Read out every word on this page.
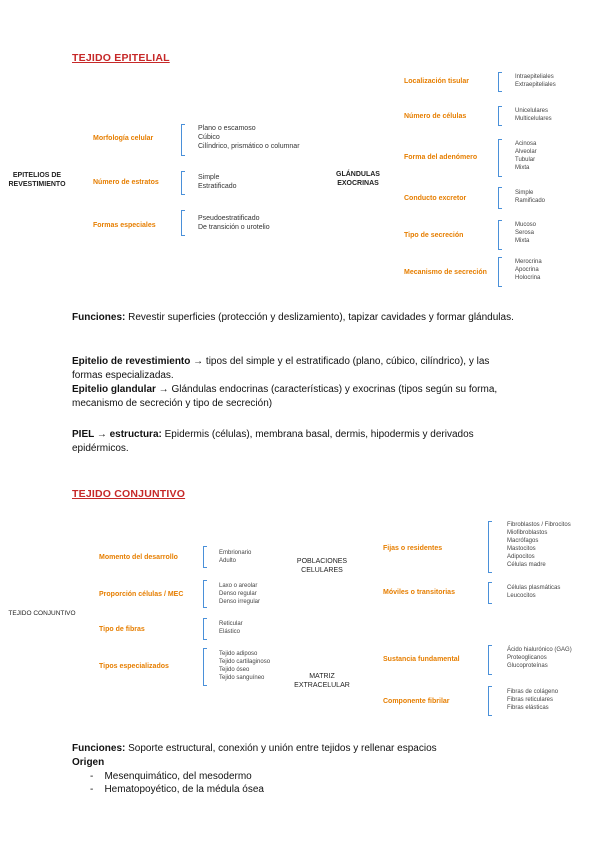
TEJIDO EPITELIAL
EPITELIOS DE
REVESTIMIENTO
Morfología celular
Plano o escamoso
Cúbico
Cilíndrico, prismático o columnar
Número de estratos
Simple
Estratificado
Formas especiales
Pseudoestratificado
De transición o urotelio
GLÁNDULAS
EXOCRINAS
Localización tisular
Intraepiteliales
Extraepiteliales
Número de células
Unicelulares
Multicelulares
Forma del adenómero
Acinosa
Alveolar
Tubular
Mixta
Conducto excretor
Simple
Ramificado
Tipo de secreción
Mucoso
Serosa
Mixta
Mecanismo de secreción
Merocrina
Apocrina
Holocrina
Funciones: Revestir superficies (protección y deslizamiento), tapizar cavidades y formar glándulas.
Epitelio de revestimiento → tipos del simple y el estratificado (plano, cúbico, cilíndrico), y las formas especializadas.
Epitelio glandular → Glándulas endocrinas (características) y exocrinas (tipos según su forma, mecanismo de secreción y tipo de secreción)
PIEL → estructura: Epidermis (células), membrana basal, dermis, hipodermis y derivados epidérmicos.
TEJIDO CONJUNTIVO
TEJIDO CONJUNTIVO
Momento del desarrollo
Embrionario
Adulto
Proporción células / MEC
Laxo o areolar
Denso regular
Denso irregular
Tipo de fibras
Reticular
Elástico
Tipos especializados
Tejido adiposo
Tejido cartilaginoso
Tejido óseo
Tejido sanguíneo
POBLACIONES
CELULARES
MATRIZ
EXTRACELULAR
Fijas o residentes
Fibroblastos / Fibrocitos
Miofibroblastos
Macrófagos
Mastocitos
Adipocitos
Células madre
Móviles o transitorias
Células plasmáticas
Leucocitos
Sustancia fundamental
Ácido hialurónico (GAG)
Proteoglicanos
Glucoproteínas
Componente fibrilar
Fibras de colágeno
Fibras reticulares
Fibras elásticas
Funciones: Soporte estructural, conexión y unión entre tejidos y rellenar espacios
Origen
-    Mesenquimático, del mesodermo
-    Hematopoyético, de la médula ósea
